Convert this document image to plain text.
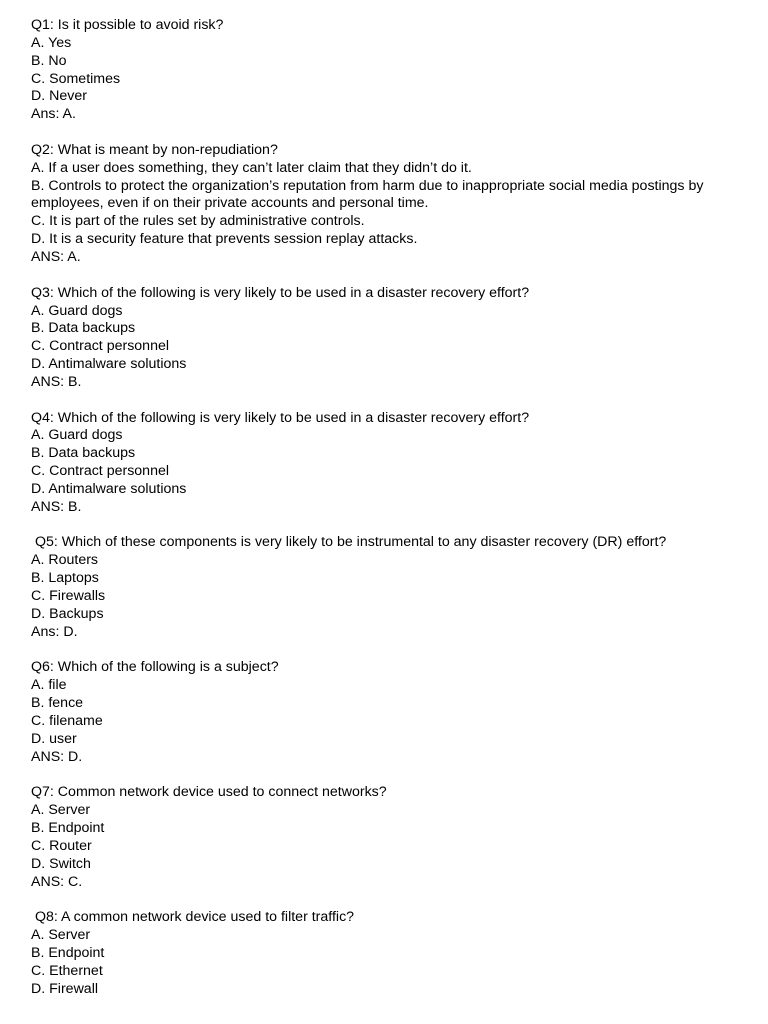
Q1: Is it possible to avoid risk?
A. Yes
B. No
C. Sometimes
D. Never
Ans: A.
Q2: What is meant by non-repudiation?
A. If a user does something, they can’t later claim that they didn’t do it.
B. Controls to protect the organization’s reputation from harm due to inappropriate social media postings by employees, even if on their private accounts and personal time.
C. It is part of the rules set by administrative controls.
D. It is a security feature that prevents session replay attacks.
ANS: A.
Q3: Which of the following is very likely to be used in a disaster recovery effort?
A. Guard dogs
B. Data backups
C. Contract personnel
D. Antimalware solutions
ANS: B.
Q4: Which of the following is very likely to be used in a disaster recovery effort?
A. Guard dogs
B. Data backups
C. Contract personnel
D. Antimalware solutions
ANS: B.
Q5: Which of these components is very likely to be instrumental to any disaster recovery (DR) effort?
A. Routers
B. Laptops
C. Firewalls
D. Backups
Ans: D.
Q6: Which of the following is a subject?
A. file
B. fence
C. filename
D. user
ANS: D.
Q7: Common network device used to connect networks?
A. Server
B. Endpoint
C. Router
D. Switch
ANS: C.
Q8: A common network device used to filter traffic?
A. Server
B. Endpoint
C. Ethernet
D. Firewall
